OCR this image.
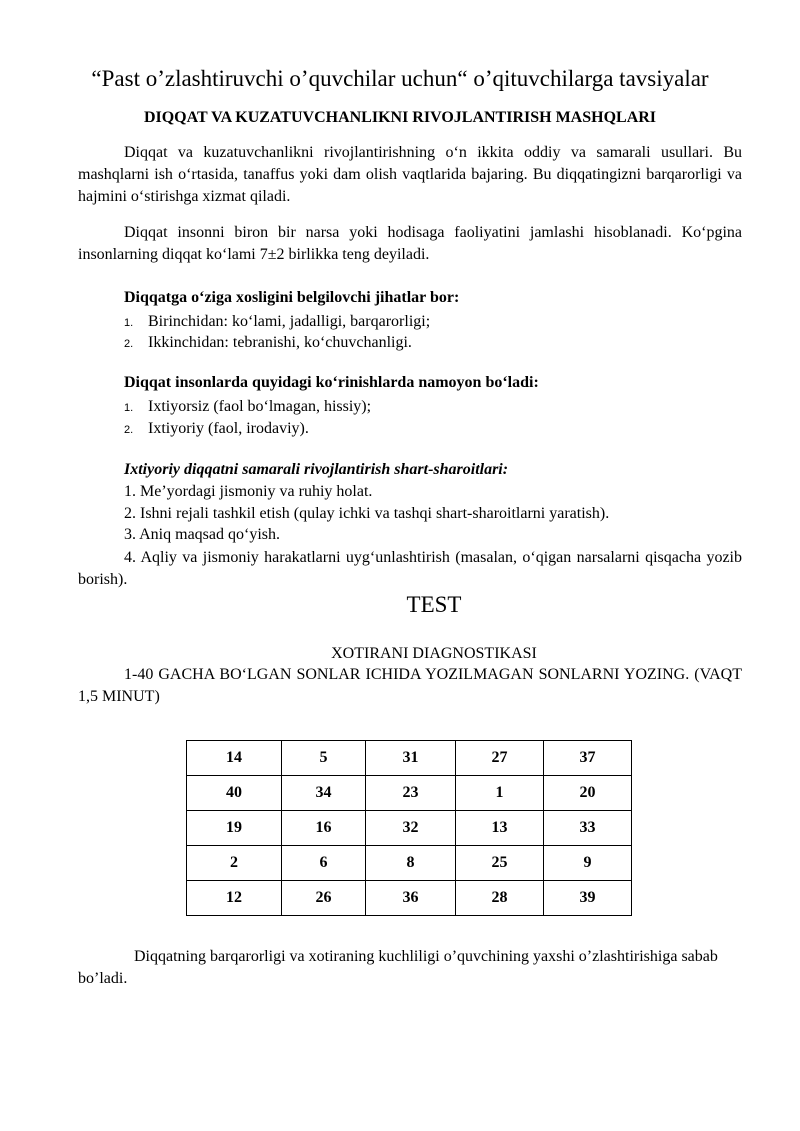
“Past o’zlashtiruvchi o’quvchilar uchun“ o’qituvchilarga tavsiyalar
DIQQAT VA KUZATUVCHANLIKNI RIVOJLANTIRISH MASHQLARI
Diqqat va kuzatuvchanlikni rivojlantirishning o‘n ikkita oddiy va samarali usullari. Bu mashqlarni ish o‘rtasida, tanaffus yoki dam olish vaqtlarida bajaring. Bu diqqatingizni barqarorligi va hajmini o‘stirishga xizmat qiladi.
Diqqat insonni biron bir narsa yoki hodisaga faoliyatini jamlashi hisoblanadi. Ko‘pgina insonlarning diqqat ko‘lami 7±2 birlikka teng deyiladi.
Diqqatga o‘ziga xosligini belgilovchi jihatlar bor:
1. Birinchidan: ko‘lami, jadalligi, barqarorligi;
2. Ikkinchidan: tebranishi, ko‘chuvchanligi.
Diqqat insonlarda quyidagi ko‘rinishlarda namoyon bo‘ladi:
1. Ixtiyorsiz (faol bo‘lmagan, hissiy);
2. Ixtiyoriy (faol, irodaviy).
Ixtiyoriy diqqatni samarali rivojlantirish shart-sharoitlari:
1. Me’yordagi jismoniy va ruhiy holat.
2. Ishni rejali tashkil etish (qulay ichki va tashqi shart-sharoitlarni yaratish).
3. Aniq maqsad qo‘yish.
4. Aqliy va jismoniy harakatlarni uyg‘unlashtirish (masalan, o‘qigan narsalarni qisqacha yozib borish).
TEST
XOTIRANI DIAGNOSTIKASI
1-40 GACHA BO‘LGAN SONLAR ICHIDA YOZILMAGAN SONLARNI YOZING. (VAQT 1,5 MINUT)
14	5	31	27	37
40	34	23	1	20
19	16	32	13	33
2	6	8	25	9
12	26	36	28	39
Diqqatning barqarorligi va xotiraning kuchliligi o’quvchining yaxshi o’zlashtirishiga sabab bo’ladi.
